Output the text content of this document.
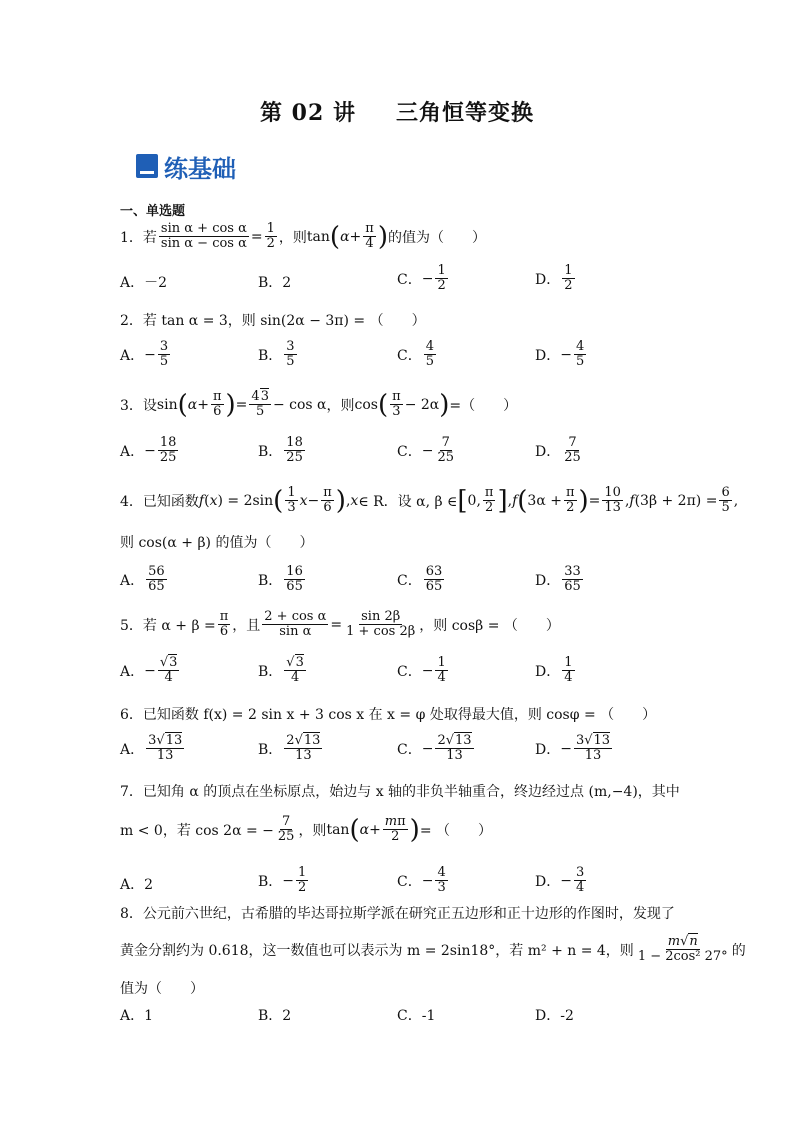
第 02 讲 三角恒等变换
练基础
一、单选题
1．若 $\frac{\text{sin α + cos α}}{\text{sin α − cos α}} = \frac{1}{2}$ ，则 tan ( $\alpha + \frac{\pi}{4}$ ) 的值为（　　）
A．－2	B．2	C． − $\frac{1}{2}$	D． $\frac{1}{2}$
2．若 tan α = 3，则 sin(2α − 3π) = （　　）
A． − $\frac{3}{5}$	B． $\frac{3}{5}$	C． $\frac{4}{5}$	D． − $\frac{4}{5}$
3．设 sin ( $\alpha + \frac{\pi}{6}$ ) = $\frac{43}{5} - \cos \alpha$ ，则 cos ( $\frac{\pi}{3} - 2\alpha$ ) =（　　）
A． − $\frac{18}{25}$	B． $\frac{18}{25}$	C． − $\frac{7}{25}$	D． $\frac{7}{25}$
4．已知函数 f ( x ) = 2sin ( $\frac{1}{3}$ $x - \frac{\pi}{6}$ ) , x ∈ R．设 α, β ∈ [ 0, $\frac{\pi}{2}$ ] , f ( $3\alpha + \frac{\pi}{2}$ ) = $\frac{10}{13}$ , f $(3\beta + 2\pi) = \frac{6}{5}$ ,
则 cos(α + β) 的值为（　　）
A． $\frac{56}{65}$	B． $\frac{16}{65}$	C． $\frac{63}{65}$	D． $\frac{33}{65}$
5．若 $\alpha + \beta = \frac{\pi}{6}$ ，且 $\frac{\text{2 + cos α}}{\text{sin α}} = \frac{\sin 2\beta}{1 + \cos 2\beta}$ ，则 cosβ = （　　）
A． − $\frac{√3}{4}$	B． $\frac{√3}{4}$	C． − $\frac{1}{4}$	D． $\frac{1}{4}$
6．已知函数 f(x) = 2 sin x + 3 cos x 在 x = φ 处取得最大值，则 cosφ = （　　）
A． $\frac{3√13}{13}$	B． $\frac{2√13}{13}$	C． − $\frac{2√13}{13}$	D． − $\frac{3√13}{13}$
7．已知角 α 的顶点在坐标原点，始边与 x 轴的非负半轴重合，终边经过点 (m,−4)，其中
m < 0，若 cos 2α = − $\frac{7}{25}$ ，则 tan ( $\alpha + \frac{m\pi}{2}$ ) = （　　）
A．2	B． − $\frac{1}{2}$	C． − $\frac{4}{3}$	D． − $\frac{3}{4}$
8．公元前六世纪，古希腊的毕达哥拉斯学派在研究正五边形和正十边形的作图时，发现了
黄金分割约为 0.618，这一数值也可以表示为 m = 2sin18°，若 m² + n = 4，则 $\frac{m√n}{\text{1 − 2cos² 27°}}$ 的
值为（　　）
A．1	B．2	C．-1	D．-2
